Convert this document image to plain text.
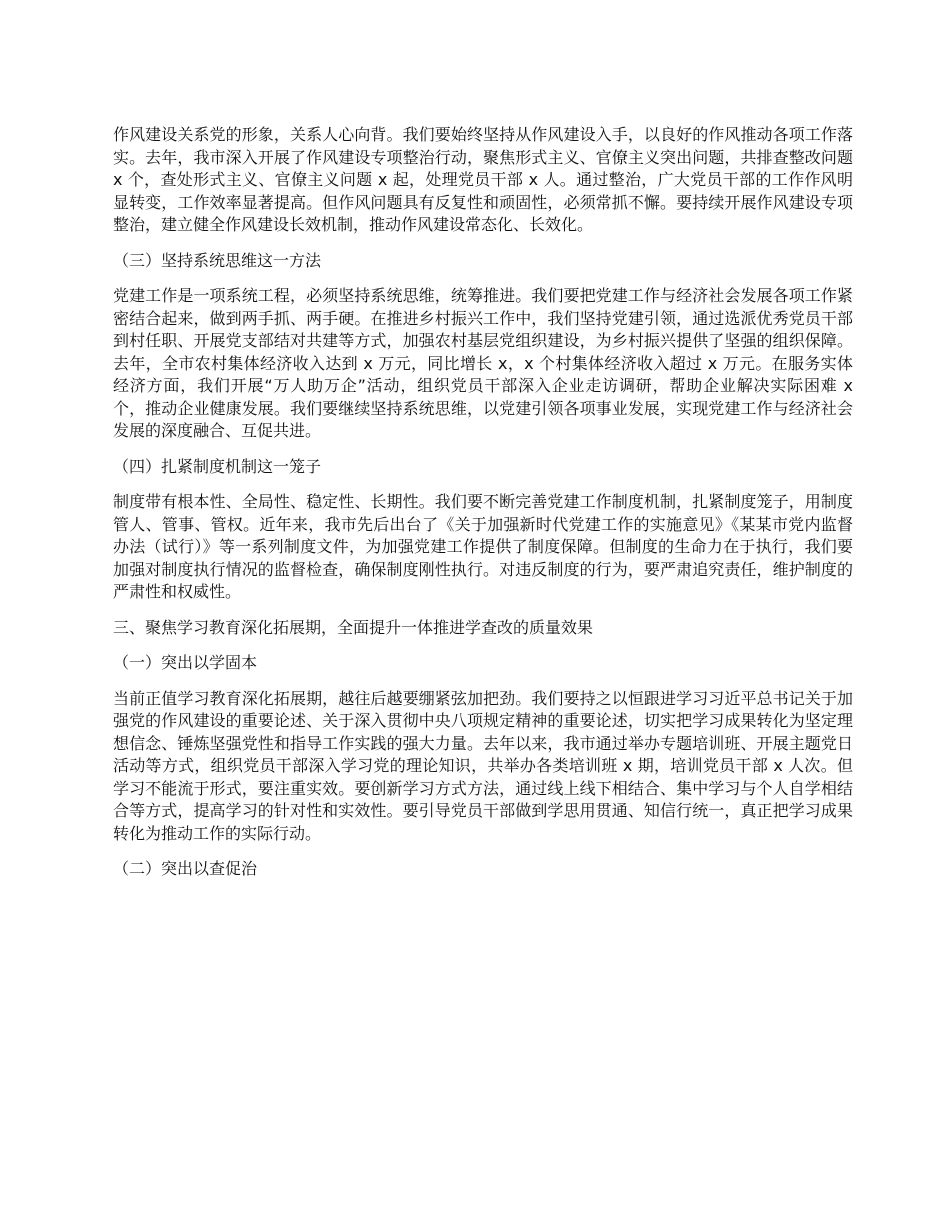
作风建设关系党的形象，关系人心向背。我们要始终坚持从作风建设入手，以良好的作风推动各项工作落实。去年，我市深入开展了作风建设专项整治行动，聚焦形式主义、官僚主义突出问题，共排查整改问题 x 个，查处形式主义、官僚主义问题 x 起，处理党员干部 x 人。通过整治，广大党员干部的工作作风明显转变，工作效率显著提高。但作风问题具有反复性和顽固性，必须常抓不懈。要持续开展作风建设专项整治，建立健全作风建设长效机制，推动作风建设常态化、长效化。

（三）坚持系统思维这一方法

党建工作是一项系统工程，必须坚持系统思维，统筹推进。我们要把党建工作与经济社会发展各项工作紧密结合起来，做到两手抓、两手硬。在推进乡村振兴工作中，我们坚持党建引领，通过选派优秀党员干部到村任职、开展党支部结对共建等方式，加强农村基层党组织建设，为乡村振兴提供了坚强的组织保障。去年，全市农村集体经济收入达到 x 万元，同比增长 x，x 个村集体经济收入超过 x 万元。在服务实体经济方面，我们开展“万人助万企”活动，组织党员干部深入企业走访调研，帮助企业解决实际困难 x 个，推动企业健康发展。我们要继续坚持系统思维，以党建引领各项事业发展，实现党建工作与经济社会发展的深度融合、互促共进。

（四）扎紧制度机制这一笼子

制度带有根本性、全局性、稳定性、长期性。我们要不断完善党建工作制度机制，扎紧制度笼子，用制度管人、管事、管权。近年来，我市先后出台了《关于加强新时代党建工作的实施意见》《某某市党内监督办法（试行）》等一系列制度文件，为加强党建工作提供了制度保障。但制度的生命力在于执行，我们要加强对制度执行情况的监督检查，确保制度刚性执行。对违反制度的行为，要严肃追究责任，维护制度的严肃性和权威性。

三、聚焦学习教育深化拓展期，全面提升一体推进学查改的质量效果

（一）突出以学固本

当前正值学习教育深化拓展期，越往后越要绷紧弦加把劲。我们要持之以恒跟进学习习近平总书记关于加强党的作风建设的重要论述、关于深入贯彻中央八项规定精神的重要论述，切实把学习成果转化为坚定理想信念、锤炼坚强党性和指导工作实践的强大力量。去年以来，我市通过举办专题培训班、开展主题党日活动等方式，组织党员干部深入学习党的理论知识，共举办各类培训班 x 期，培训党员干部 x 人次。但学习不能流于形式，要注重实效。要创新学习方式方法，通过线上线下相结合、集中学习与个人自学相结合等方式，提高学习的针对性和实效性。要引导党员干部做到学思用贯通、知信行统一，真正把学习成果转化为推动工作的实际行动。

（二）突出以查促治
